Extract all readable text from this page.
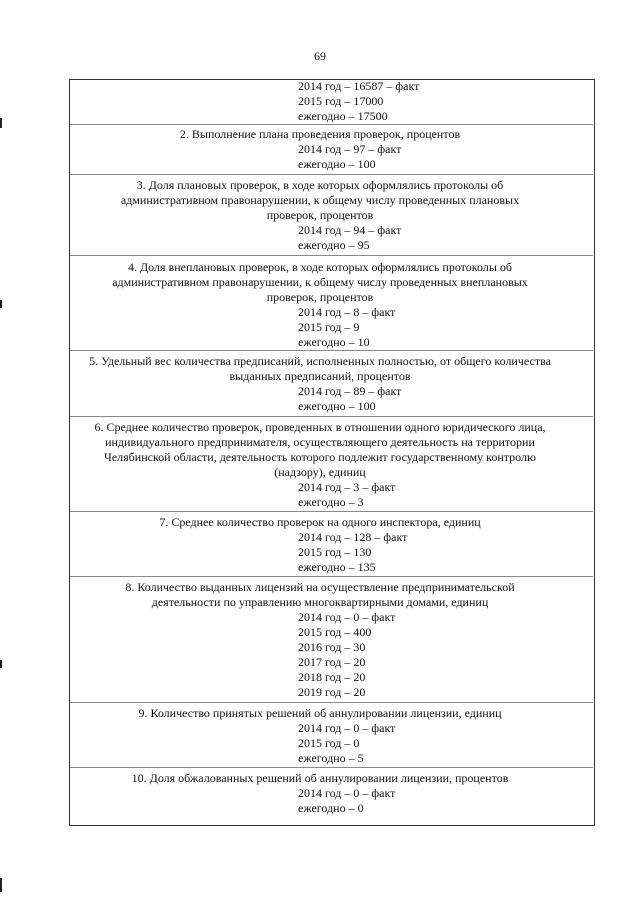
69
2014 год – 16587 – факт
2015 год – 17000
ежегодно – 17500
2. Выполнение плана проведения проверок, процентов
2014 год – 97 – факт
ежегодно – 100
3. Доля плановых проверок, в ходе которых оформлялись протоколы об
административном правонарушении, к общему числу проведенных плановых
проверок, процентов
2014 год – 94 – факт
ежегодно – 95
4. Доля внеплановых проверок, в ходе которых оформлялись протоколы об
административном правонарушении, к общему числу проведенных внеплановых
проверок, процентов
2014 год – 8 – факт
2015 год – 9
ежегодно – 10
5. Удельный вес количества предписаний, исполненных полностью, от общего количества
выданных предписаний, процентов
2014 год – 89 – факт
ежегодно – 100
6. Среднее количество проверок, проведенных в отношении одного юридического лица,
индивидуального предпринимателя, осуществляющего деятельность на территории
Челябинской области, деятельность которого подлежит государственному контролю
(надзору), единиц
2014 год – 3 – факт
ежегодно – 3
7. Среднее количество проверок на одного инспектора, единиц
2014 год – 128 – факт
2015 год – 130
ежегодно – 135
8. Количество выданных лицензий на осуществление предпринимательской
деятельности по управлению многоквартирными домами, единиц
2014 год – 0 – факт
2015 год – 400
2016 год – 30
2017 год – 20
2018 год – 20
2019 год – 20
9. Количество принятых решений об аннулировании лицензии, единиц
2014 год – 0 – факт
2015 год – 0
ежегодно – 5
10. Доля обжалованных решений об аннулировании лицензии, процентов
2014 год – 0 – факт
ежегодно – 0
